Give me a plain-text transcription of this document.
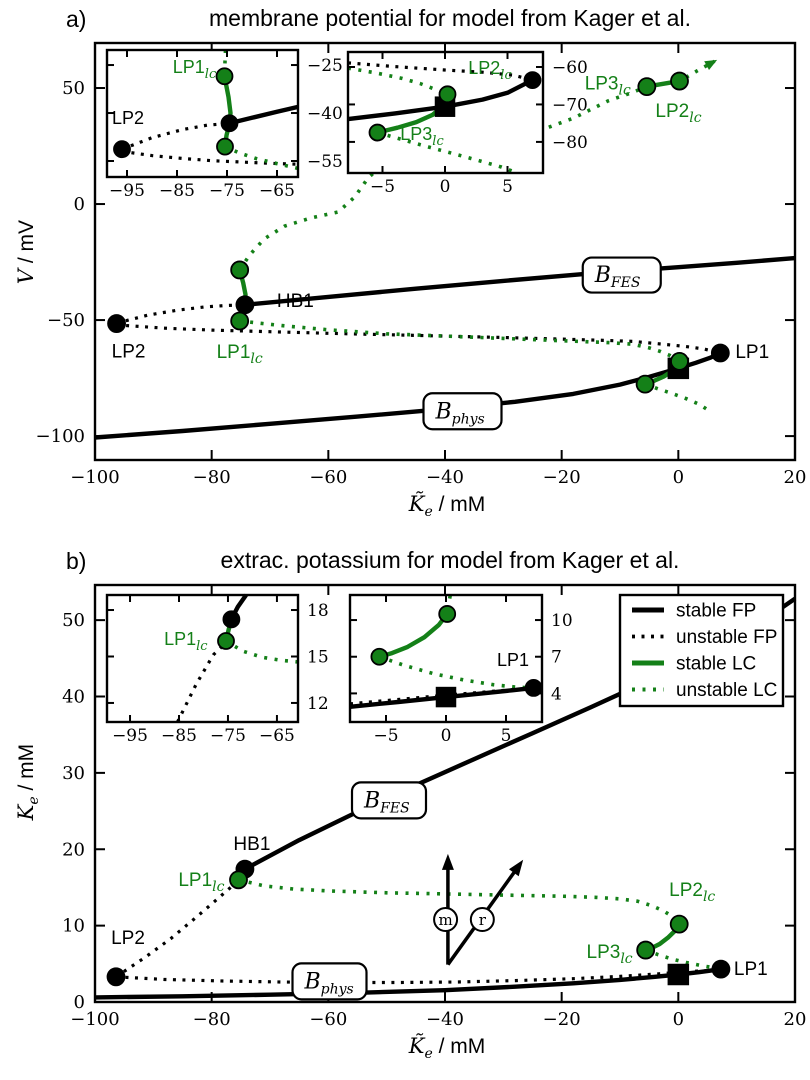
−100	−80	−60	−40	−20	0	20
50
0
−50
−100
LP2	$LP1_{lc}$
HB1
LP1
$LP3_{lc}$
$LP2_{lc}$
$B_{FES}$
$B_{phys}$
−95 −85 −75 −65
−25
−40
−55
$LP1_{lc}$
LP2
−5	0	5
−60
−70
−80
$LP2_{lc}$
$LP3_{lc}$
−100	−80	−60	−40	−20	0	20
0
10
20
30
40
50
LP2
$LP1_{lc}$
HB1
LP1
$LP2_{lc}$
$LP3_{lc}$
$B_{FES}$
$B_{phys}$
m r
−95 −85 −75 −65
18
15
12
$LP1_{lc}$
−5 0	5
10
7
4
LP1
stable FP
unstable FP
stable LC
unstable LC
a)	membrane potential for model from Kager et al.
V / mV
$K̃_e$ / mM
b)	extrac. potassium for model from Kager et al.
$K_e$ / mM
$K̃_e$ / mM
